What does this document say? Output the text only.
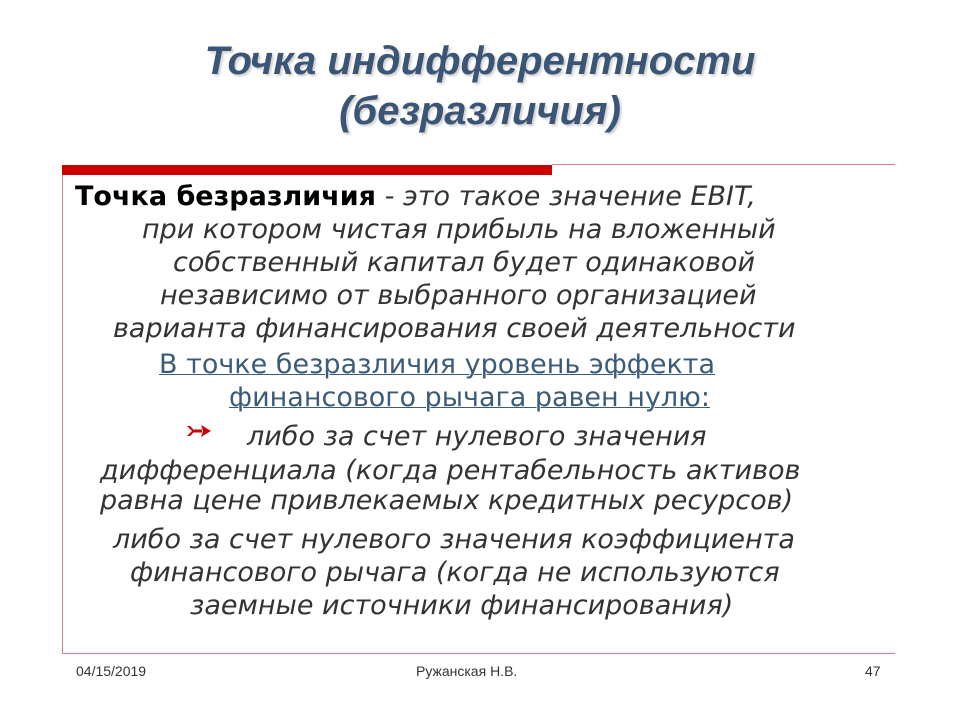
Точка индифферентности
(безразличия)
Точка безразличия - это такое значение EBIT,
при котором чистая прибыль на вложенный
собственный капитал будет одинаковой
независимо от выбранного организацией
варианта финансирования своей деятельности
В точке безразличия уровень эффекта
финансового рычага равен нулю:
либо за счет нулевого значения
дифференциала (когда рентабельность активов
равна цене привлекаемых кредитных ресурсов)
либо за счет нулевого значения коэффициента
финансового рычага (когда не используются
заемные источники финансирования)
04/15/2019	Ружанская Н.В.	47
